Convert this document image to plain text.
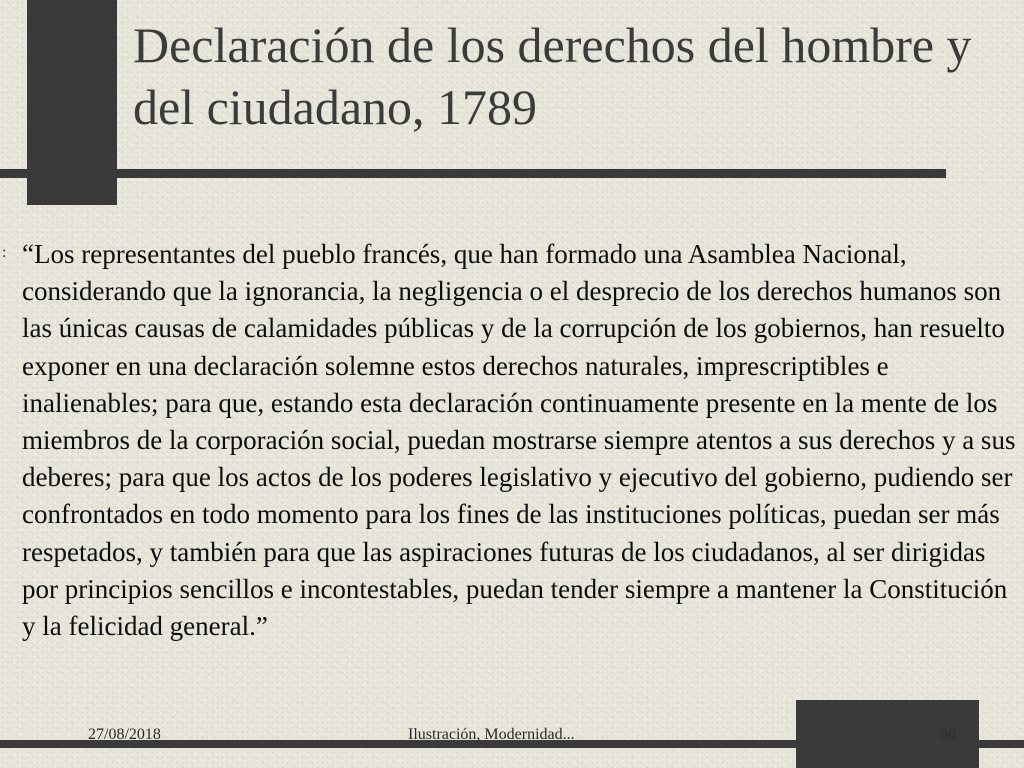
Declaración de los derechos del hombre y del ciudadano, 1789
: “Los representantes del pueblo francés, que han formado una Asamblea Nacional, considerando que la ignorancia, la negligencia o el desprecio de los derechos humanos son las únicas causas de calamidades públicas y de la corrupción de los gobiernos, han resuelto exponer en una declaración solemne estos derechos naturales, imprescriptibles e inalienables; para que, estando esta declaración continuamente presente en la mente de los miembros de la corporación social, puedan mostrarse siempre atentos a sus derechos y a sus deberes; para que los actos de los poderes legislativo y ejecutivo del gobierno, pudiendo ser confrontados en todo momento para los fines de las instituciones políticas, puedan ser más respetados, y también para que las aspiraciones futuras de los ciudadanos, al ser dirigidas por principios sencillos e incontestables, puedan tender siempre a mantener la Constitución y la felicidad general.”

27/08/2018	Ilustración, Modernidad...	36
